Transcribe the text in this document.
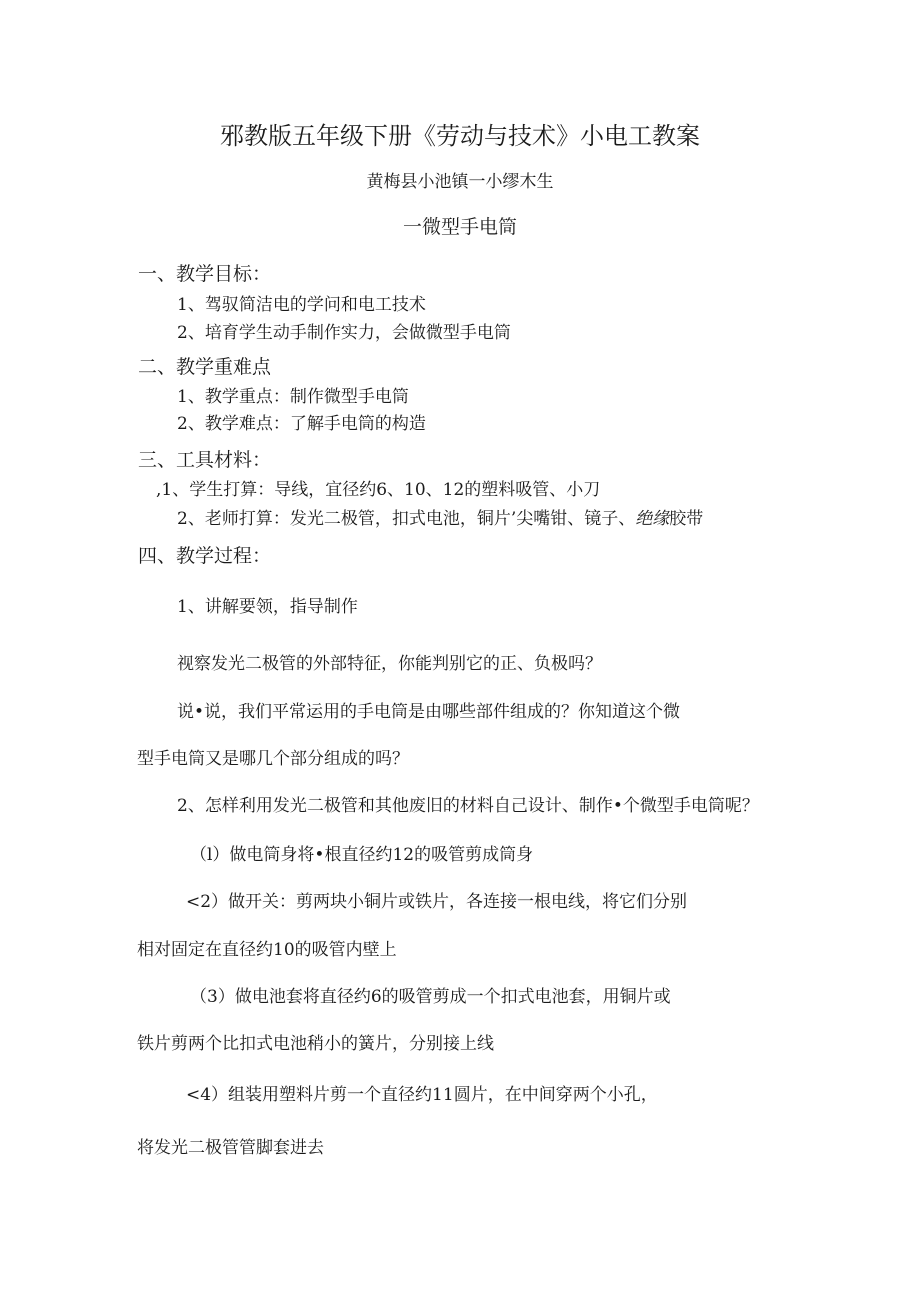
邪教版五年级下册《劳动与技术》小电工教案
黄梅县小池镇一小缪木生
一微型手电筒
一、教学目标：
1、驾驭简洁电的学问和电工技术
2、培育学生动手制作实力，会做微型手电筒
二、教学重难点
1、教学重点：制作微型手电筒
2、教学难点：了解手电筒的构造
三、工具材料：
,1、学生打算：导线，宜径约6、10、12的塑料吸管、小刀
2、老师打算：发光二极管，扣式电池，铜片’尖嘴钳、镜子、绝缘胶带
四、教学过程：
1、讲解要领，指导制作
视察发光二极管的外部特征，你能判别它的正、负极吗？
说•说，我们平常运用的手电筒是由哪些部件组成的？你知道这个微
型手电筒又是哪几个部分组成的吗？
2、怎样利用发光二极管和其他废旧的材料自己设计、制作•个微型手电筒呢？
（l）做电筒身将•根直径约12的吸管剪成筒身
<2）做开关：剪两块小铜片或铁片，各连接一根电线，将它们分别
相对固定在直径约10的吸管内壁上
（3）做电池套将直径约6的吸管剪成一个扣式电池套，用铜片或
铁片剪两个比扣式电池稍小的簧片，分别接上线
<4）组装用塑料片剪一个直径约11圆片，在中间穿两个小孔，
将发光二极管管脚套进去
